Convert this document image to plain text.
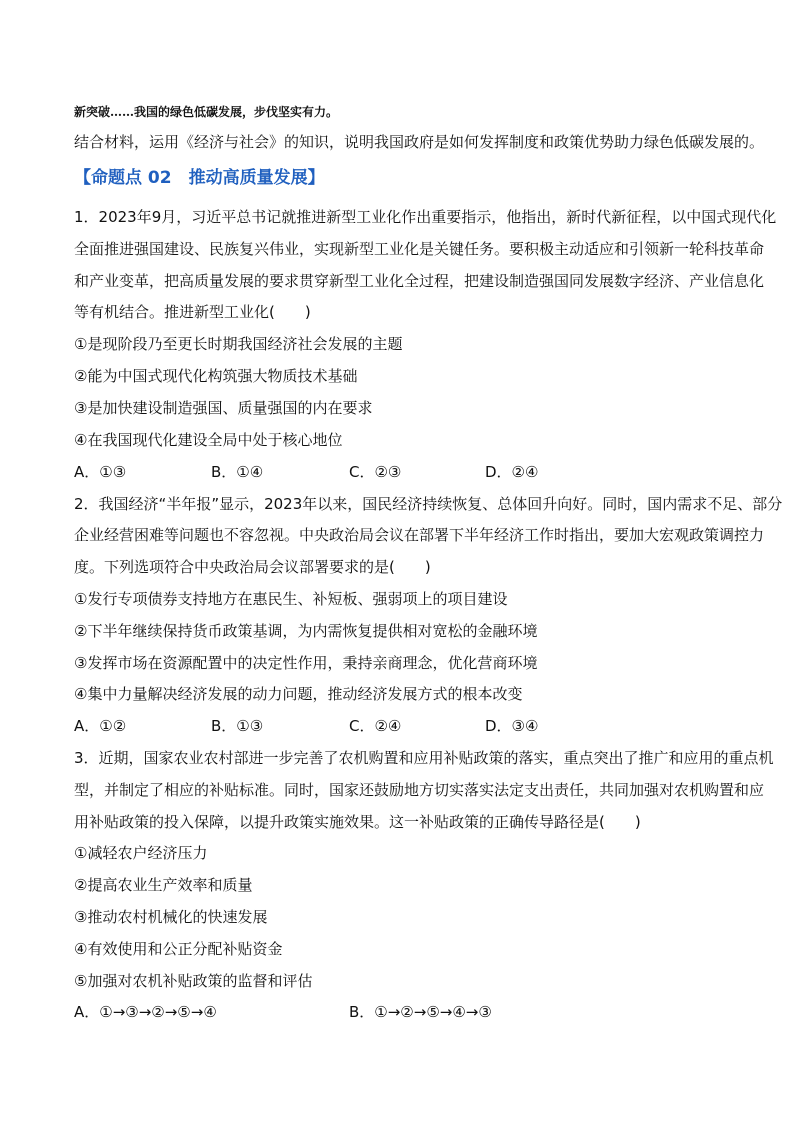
新突破……我国的绿色低碳发展，步伐坚实有力。
结合材料，运用《经济与社会》的知识，说明我国政府是如何发挥制度和政策优势助力绿色低碳发展的。
【命题点 02　推动高质量发展】
1．2023年9月，习近平总书记就推进新型工业化作出重要指示，他指出，新时代新征程，以中国式现代化
全面推进强国建设、民族复兴伟业，实现新型工业化是关键任务。要积极主动适应和引领新一轮科技革命
和产业变革，把高质量发展的要求贯穿新型工业化全过程，把建设制造强国同发展数字经济、产业信息化
等有机结合。推进新型工业化(　　)
①是现阶段乃至更长时期我国经济社会发展的主题
②能为中国式现代化构筑强大物质技术基础
③是加快建设制造强国、质量强国的内在要求
④在我国现代化建设全局中处于核心地位
A．①③	B．①④	C．②③	D．②④
2．我国经济“半年报”显示，2023年以来，国民经济持续恢复、总体回升向好。同时，国内需求不足、部分
企业经营困难等问题也不容忽视。中央政治局会议在部署下半年经济工作时指出，要加大宏观政策调控力
度。下列选项符合中央政治局会议部署要求的是(　　)
①发行专项债券支持地方在惠民生、补短板、强弱项上的项目建设
②下半年继续保持货币政策基调，为内需恢复提供相对宽松的金融环境
③发挥市场在资源配置中的决定性作用，秉持亲商理念，优化营商环境
④集中力量解决经济发展的动力问题，推动经济发展方式的根本改变
A．①②	B．①③	C．②④	D．③④
3．近期，国家农业农村部进一步完善了农机购置和应用补贴政策的落实，重点突出了推广和应用的重点机
型，并制定了相应的补贴标准。同时，国家还鼓励地方切实落实法定支出责任，共同加强对农机购置和应
用补贴政策的投入保障，以提升政策实施效果。这一补贴政策的正确传导路径是(　　)
①减轻农户经济压力
②提高农业生产效率和质量
③推动农村机械化的快速发展
④有效使用和公正分配补贴资金
⑤加强对农机补贴政策的监督和评估
A．①→③→②→⑤→④	B．①→②→⑤→④→③
